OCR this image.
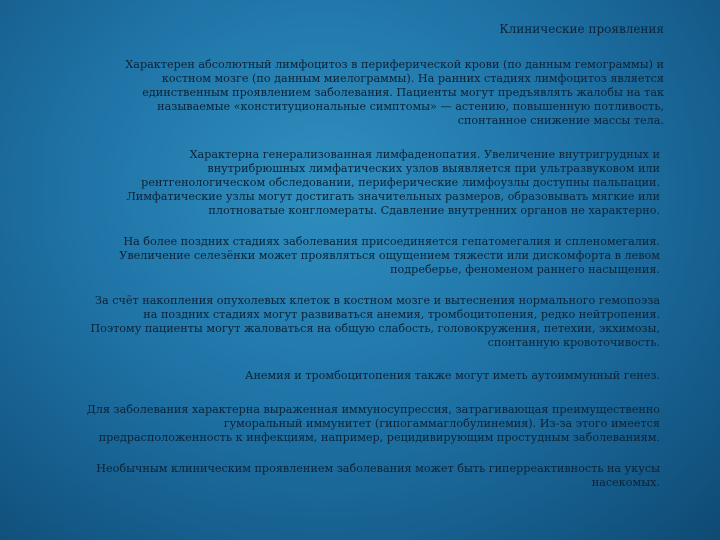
Клинические проявления

Характерен абсолютный лимфоцитоз в периферической крови (по данным гемограммы) и
костном мозге (по данным миелограммы). На ранних стадиях лимфоцитоз является
единственным проявлением заболевания. Пациенты могут предъявлять жалобы на так
называемые «конституциональные симптомы» — астению, повышенную потливость,
спонтанное снижение массы тела.

Характерна генерализованная лимфаденопатия. Увеличение внутригрудных и
внутрибрюшных лимфатических узлов выявляется при ультразвуковом или
рентгенологическом обследовании, периферические лимфоузлы доступны пальпации.
Лимфатические узлы могут достигать значительных размеров, образовывать мягкие или
плотноватые конгломераты. Сдавление внутренних органов не характерно.

На более поздних стадиях заболевания присоединяется гепатомегалия и спленомегалия.
Увеличение селезёнки может проявляться ощущением тяжести или дискомфорта в левом
подреберье, феноменом раннего насыщения.

За счёт накопления опухолевых клеток в костном мозге и вытеснения нормального гемопоэза
на поздних стадиях могут развиваться анемия, тромбоцитопения, редко нейтропения.
Поэтому пациенты могут жаловаться на общую слабость, головокружения, петехии, экхимозы,
спонтанную кровоточивость.

Анемия и тромбоцитопения также могут иметь аутоиммунный генез.

Для заболевания характерна выраженная иммуносупрессия, затрагивающая преимущественно
гуморальный иммунитет (гипогаммаглобулинемия). Из-за этого имеется
предрасположенность к инфекциям, например, рецидивирующим простудным заболеваниям.

Необычным клиническим проявлением заболевания может быть гиперреактивность на укусы
насекомых.
